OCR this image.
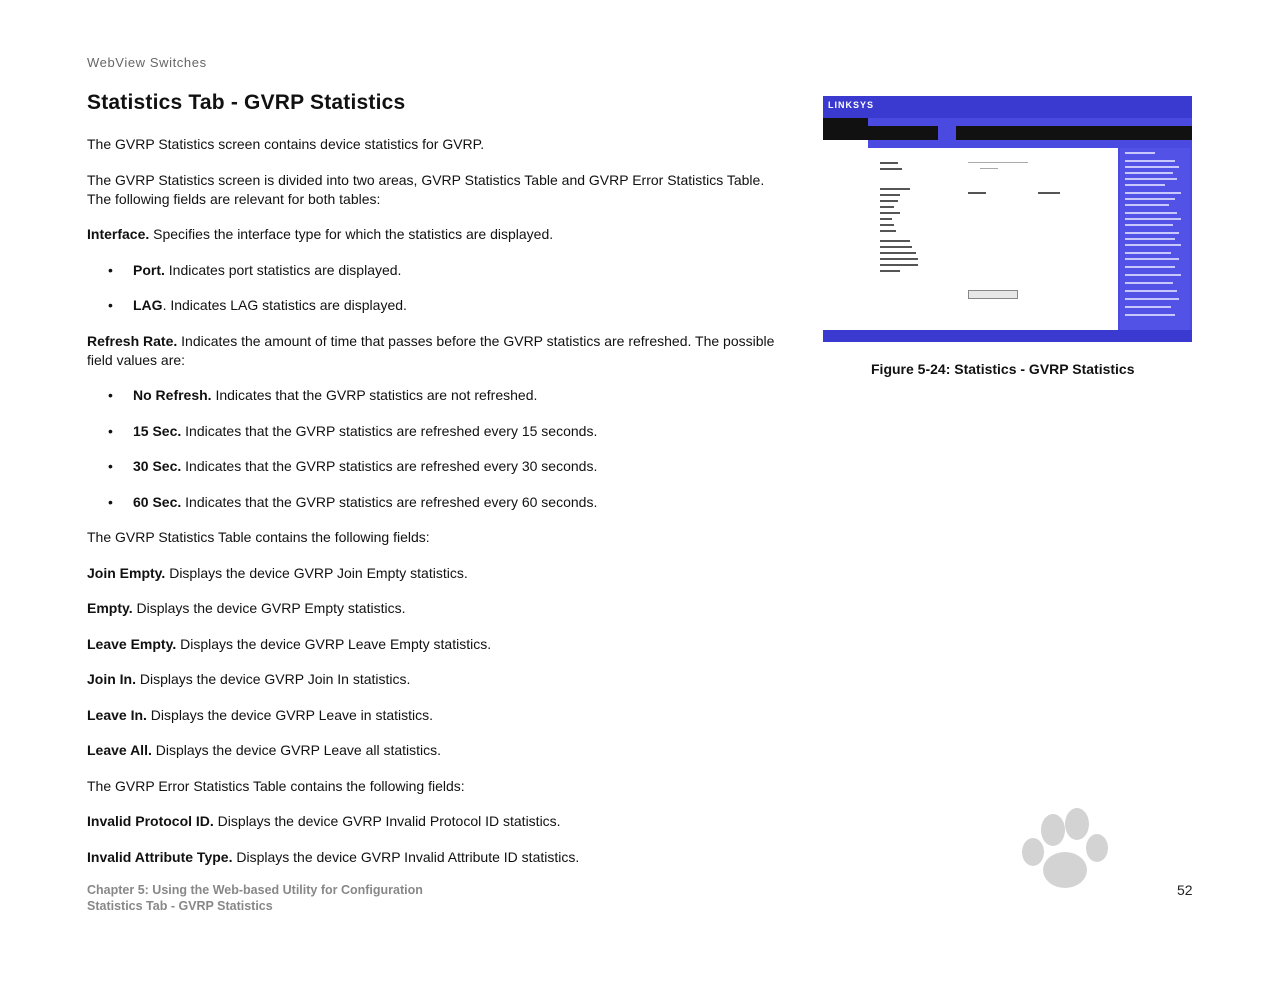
WebView Switches
Statistics Tab - GVRP Statistics

The GVRP Statistics screen contains device statistics for GVRP.

The GVRP Statistics screen is divided into two areas, GVRP Statistics Table and GVRP Error Statistics Table. The following fields are relevant for both tables:

Interface. Specifies the interface type for which the statistics are displayed.

•	Port. Indicates port statistics are displayed.
•	LAG. Indicates LAG statistics are displayed.

Refresh Rate. Indicates the amount of time that passes before the GVRP statistics are refreshed. The possible field values are:

•	No Refresh. Indicates that the GVRP statistics are not refreshed.
•	15 Sec. Indicates that the GVRP statistics are refreshed every 15 seconds.
•	30 Sec. Indicates that the GVRP statistics are refreshed every 30 seconds.
•	60 Sec. Indicates that the GVRP statistics are refreshed every 60 seconds.

The GVRP Statistics Table contains the following fields:

Join Empty. Displays the device GVRP Join Empty statistics.

Empty. Displays the device GVRP Empty statistics.

Leave Empty. Displays the device GVRP Leave Empty statistics.

Join In. Displays the device GVRP Join In statistics.

Leave In. Displays the device GVRP Leave in statistics.

Leave All. Displays the device GVRP Leave all statistics.

The GVRP Error Statistics Table contains the following fields:

Invalid Protocol ID. Displays the device GVRP Invalid Protocol ID statistics.

Invalid Attribute Type. Displays the device GVRP Invalid Attribute ID statistics.

LINKSYS
Figure 5-24: Statistics - GVRP Statistics
Chapter 5: Using the Web-based Utility for Configuration
Statistics Tab - GVRP Statistics
52
